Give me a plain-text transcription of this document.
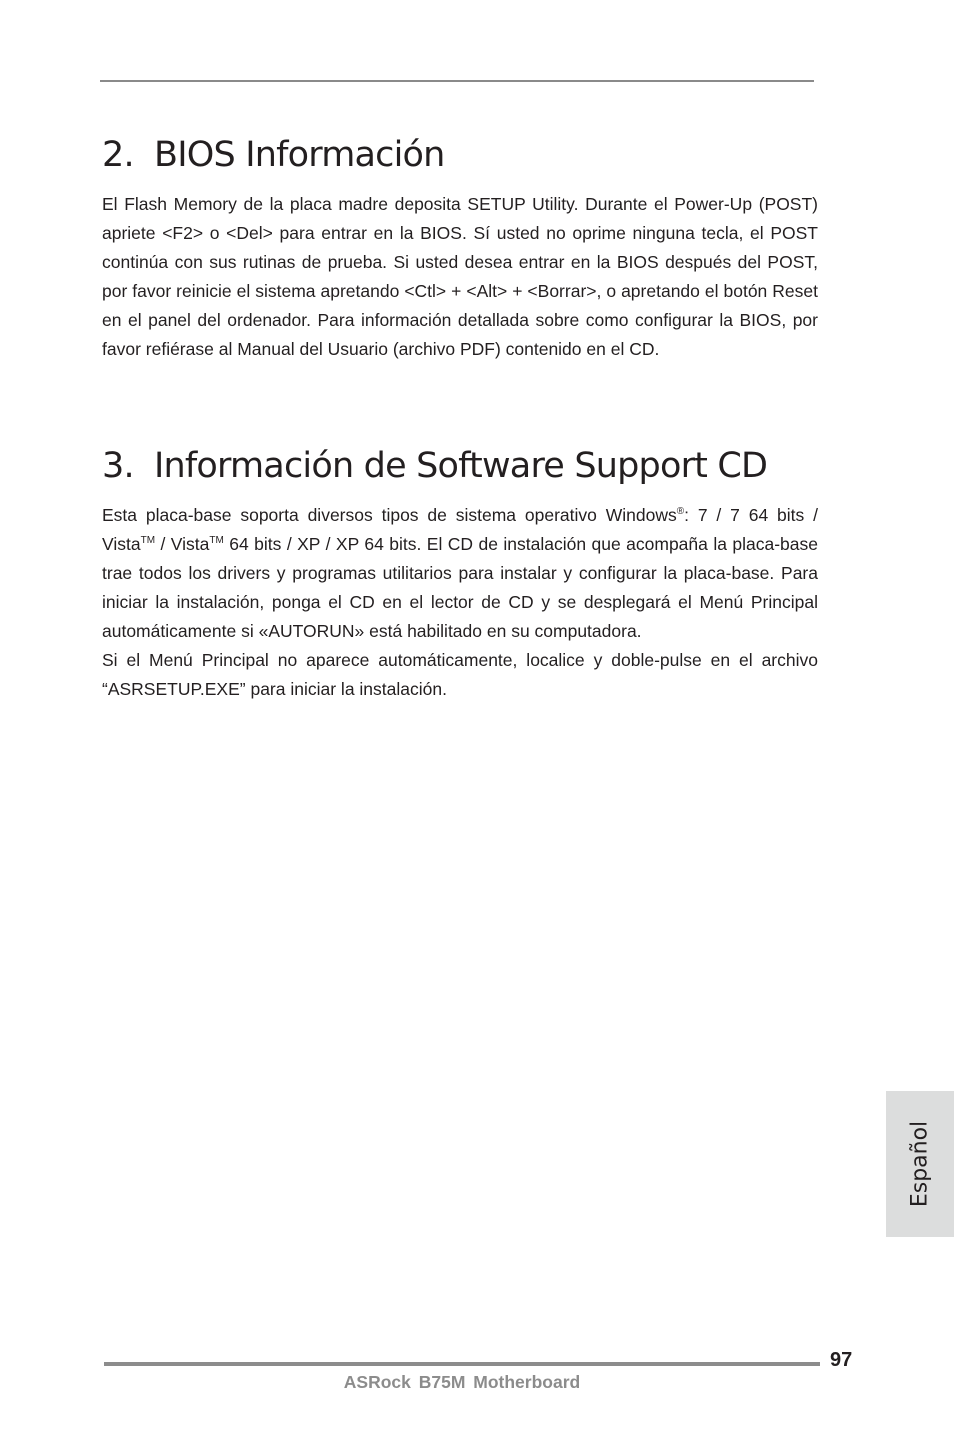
2. BIOS Información

El Flash Memory de la placa madre deposita SETUP Utility. Durante el Power-Up (POST) apriete <F2> o <Del> para entrar en la BIOS. Sí usted no oprime ninguna tecla, el POST continúa con sus rutinas de prueba. Si usted desea entrar en la BIOS después del POST, por favor reinicie el sistema apretando <Ctl> + <Alt> + <Borrar>, o apretando el botón Reset en el panel del ordenador. Para información detallada sobre como configurar la BIOS, por favor refiérase al Manual del Usuario (archivo PDF) contenido en el CD.

3. Información de Software Support CD

Esta placa-base soporta diversos tipos de sistema operativo Windows®: 7 / 7 64 bits / Vista™ / Vista™ 64 bits / XP / XP 64 bits. El CD de instalación que acompaña la placa-base trae todos los drivers y programas utilitarios para instalar y configurar la placa-base. Para iniciar la instalación, ponga el CD en el lector de CD y se desplegará el Menú Principal automáticamente si «AUTORUN» está habilitado en su computadora.

Si el Menú Principal no aparece automáticamente, localice y doble-pulse en el archivo “ASRSETUP.EXE” para iniciar la instalación.

Español
97
ASRock B75M Motherboard
